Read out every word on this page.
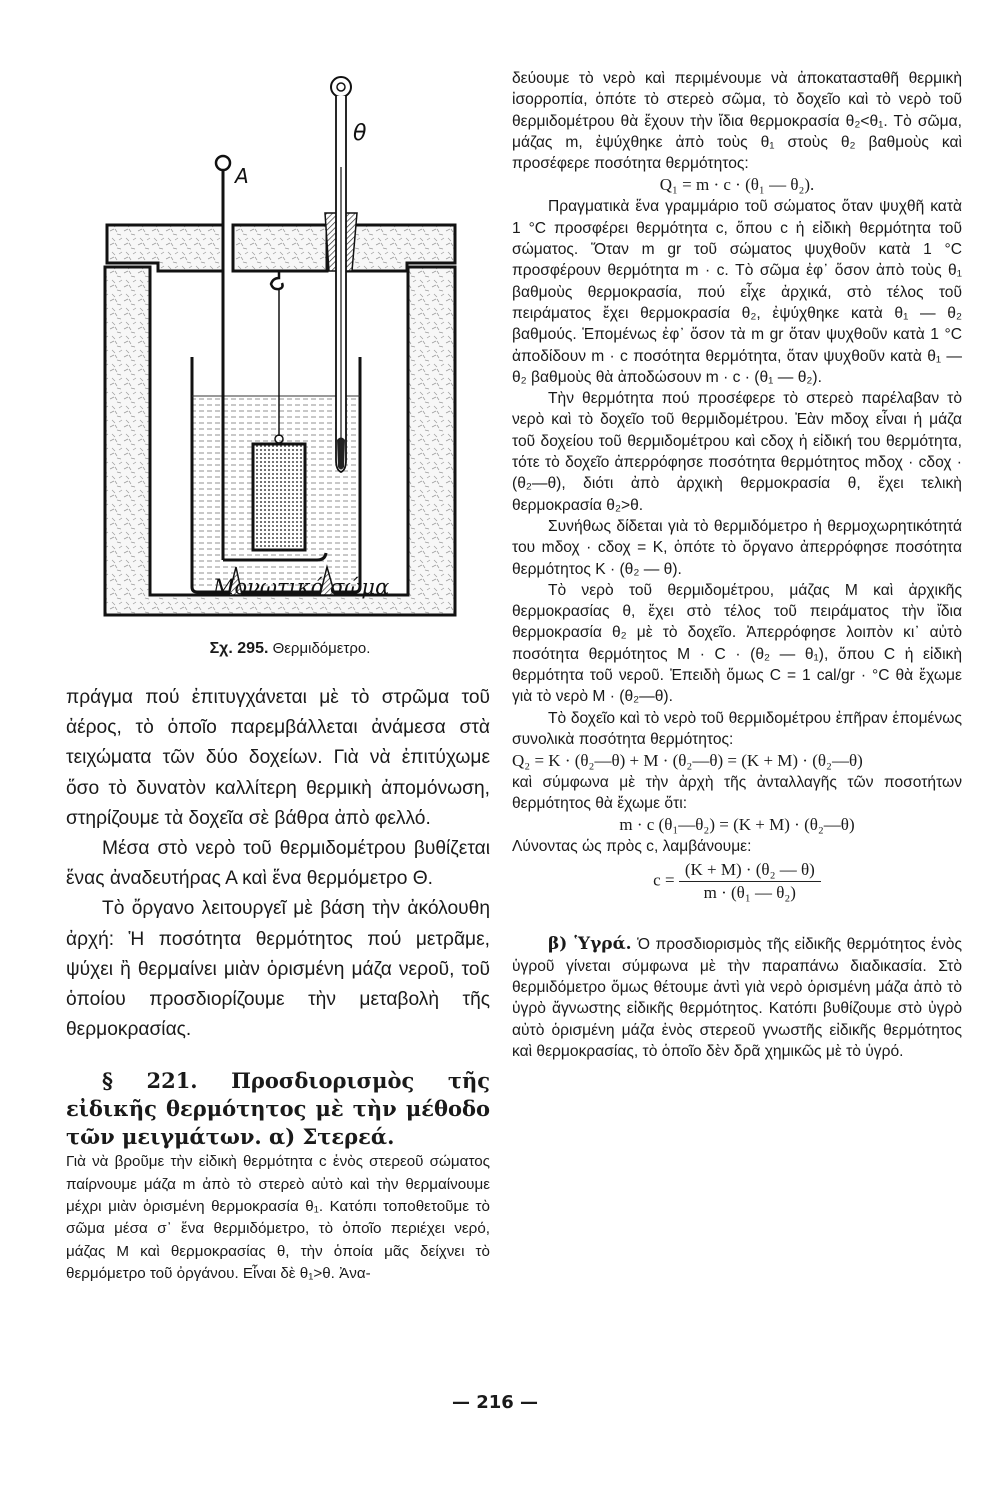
A
θ
Μονωτικό σώμα
Σχ. 295. Θερμιδόμετρο.

πράγμα πού ἐπιτυγχάνεται μὲ τὸ στρῶμα τοῦ ἀέρος, τὸ ὁποῖο παρεμβάλλεται ἀνάμεσα στὰ τειχώματα τῶν δύο δοχείων. Γιὰ νὰ ἐπιτύχωμε ὅσο τὸ δυνατὸν καλλίτερη θερμικὴ ἀπομόνωση, στηρίζουμε τὰ δοχεῖα σὲ βάθρα ἀπὸ φελλό.

Μέσα στὸ νερὸ τοῦ θερμιδομέτρου βυθίζεται ἕνας ἀναδευτήρας Α καὶ ἕνα θερμόμετρο Θ.

Τὸ ὄργανο λειτουργεῖ μὲ βάση τὴν ἀκόλουθη ἀρχή: Ἡ ποσότητα θερμότητος πού μετρᾶμε, ψύχει ἢ θερμαίνει μιὰν ὁρισμένη μάζα νεροῦ, τοῦ ὁποίου προσδιορίζουμε τὴν μεταβολὴ τῆς θερμοκρασίας.

§ 221. Προσδιορισμὸς τῆς εἰδικῆς θερμότητος μὲ τὴν μέθοδο τῶν μειγμάτων. α) Στερεά.

Γιὰ νὰ βροῦμε τὴν εἰδικὴ θερμότητα c ἑνὸς στερεοῦ σώματος παίρνουμε μάζα m ἀπὸ τὸ στερεὸ αὐτὸ καὶ τὴν θερμαίνουμε μέχρι μιὰν ὁρισμένη θερμοκρασία θ₁. Κατόπι τοποθετοῦμε τὸ σῶμα μέσα σ᾽ ἕνα θερμιδόμετρο, τὸ ὁποῖο περιέχει νερό, μάζας Μ καὶ θερμοκρασίας θ, τὴν ὁποία μᾶς δείχνει τὸ θερμόμετρο τοῦ ὀργάνου. Εἶναι δὲ θ₁>θ. Ἀνα-

δεύουμε τὸ νερὸ καὶ περιμένουμε νὰ ἀποκατασταθῆ θερμικὴ ἰσορροπία, ὁπότε τὸ στερεὸ σῶμα, τὸ δοχεῖο καὶ τὸ νερὸ τοῦ θερμιδομέτρου θὰ ἔχουν τὴν ἴδια θερμοκρασία θ₂<θ₁. Τὸ σῶμα, μάζας m, ἐψύχθηκε ἀπὸ τοὺς θ₁ στοὺς θ₂ βαθμοὺς καὶ προσέφερε ποσότητα θερμότητος:

Q₁ = m · c · (θ₁ — θ₂).

Πραγματικὰ ἕνα γραμμάριο τοῦ σώματος ὅταν ψυχθῆ κατὰ 1 °C προσφέρει θερμότητα c, ὅπου c ἡ εἰδικὴ θερμότητα τοῦ σώματος. Ὅταν m gr τοῦ σώματος ψυχθοῦν κατὰ 1 °C προσφέρουν θερμότητα m · c. Τὸ σῶμα ἐφ᾽ ὅσον ἀπὸ τοὺς θ₁ βαθμοὺς θερμοκρασία, πού εἶχε ἀρχικά, στὸ τέλος τοῦ πειράματος ἔχει θερμοκρασία θ₂, ἐψύχθηκε κατὰ θ₁ — θ₂ βαθμούς. Ἑπομένως ἐφ᾽ ὅσον τὰ m gr ὅταν ψυχθοῦν κατὰ 1 °C ἀποδίδουν m · c ποσότητα θερμότητα, ὅταν ψυχθοῦν κατὰ θ₁ — θ₂ βαθμοὺς θὰ ἀποδώσουν m · c · (θ₁ — θ₂).

Τὴν θερμότητα πού προσέφερε τὸ στερεὸ παρέλαβαν τὸ νερὸ καὶ τὸ δοχεῖο τοῦ θερμιδομέτρου. Ἐὰν mδοχ εἶναι ἡ μάζα τοῦ δοχείου τοῦ θερμιδομέτρου καὶ cδοχ ἡ εἰδική του θερμότητα, τότε τὸ δοχεῖο ἀπερρόφησε ποσότητα θερμότητος mδοχ · cδοχ · (θ₂—θ), διότι ἀπὸ ἀρχικὴ θερμοκρασία θ, ἔχει τελικὴ θερμοκρασία θ₂>θ.

Συνήθως δίδεται γιὰ τὸ θερμιδόμετρο ἡ θερμοχωρητικότητά του mδοχ · cδοχ = K, ὁπότε τὸ ὄργανο ἀπερρόφησε ποσότητα θερμότητος K · (θ₂ — θ).

Τὸ νερὸ τοῦ θερμιδομέτρου, μάζας Μ καὶ ἀρχικῆς θερμοκρασίας θ, ἔχει στὸ τέλος τοῦ πειράματος τὴν ἴδια θερμοκρασία θ₂ μὲ τὸ δοχεῖο. Ἀπερρόφησε λοιπὸν κι᾽ αὐτὸ ποσότητα θερμότητος M · C · (θ₂ — θ₁), ὅπου C ἡ εἰδικὴ θερμότητα τοῦ νεροῦ. Ἐπειδὴ ὅμως C = 1 cal/gr · °C θὰ ἔχωμε γιὰ τὸ νερὸ M · (θ₂—θ).

Τὸ δοχεῖο καὶ τὸ νερὸ τοῦ θερμιδομέτρου ἐπῆραν ἑπομένως συνολικὰ ποσότητα θερμότητος:

Q₂ = K · (θ₂—θ) + M · (θ₂—θ) = (K + M) · (θ₂—θ)

καὶ σύμφωνα μὲ τὴν ἀρχὴ τῆς ἀνταλλαγῆς τῶν ποσοτήτων θερμότητος θὰ ἔχωμε ὅτι:

m · c (θ₁—θ₂) = (K + M) · (θ₂—θ)

Λύνοντας ὡς πρὸς c, λαμβάνουμε:

$c = \frac{\text{(K + M) · (θ₂ — θ)}}{\text{m · (θ₁ — θ₂)}}$

β) Ὑγρά. Ὁ προσδιορισμὸς τῆς εἰδικῆς θερμότητος ἑνὸς ὑγροῦ γίνεται σύμφωνα μὲ τὴν παραπάνω διαδικασία. Στὸ θερμιδόμετρο ὅμως θέτουμε ἀντὶ γιὰ νερὸ ὁρισμένη μάζα ἀπὸ τὸ ὑγρὸ ἄγνωστης εἰδικῆς θερμότητος. Κατόπι βυθίζουμε στὸ ὑγρὸ αὐτὸ ὁρισμένη μάζα ἑνὸς στερεοῦ γνωστῆς εἰδικῆς θερμότητος καὶ θερμοκρασίας, τὸ ὁποῖο δὲν δρᾶ χημικῶς μὲ τὸ ὑγρό.

— 216 —
